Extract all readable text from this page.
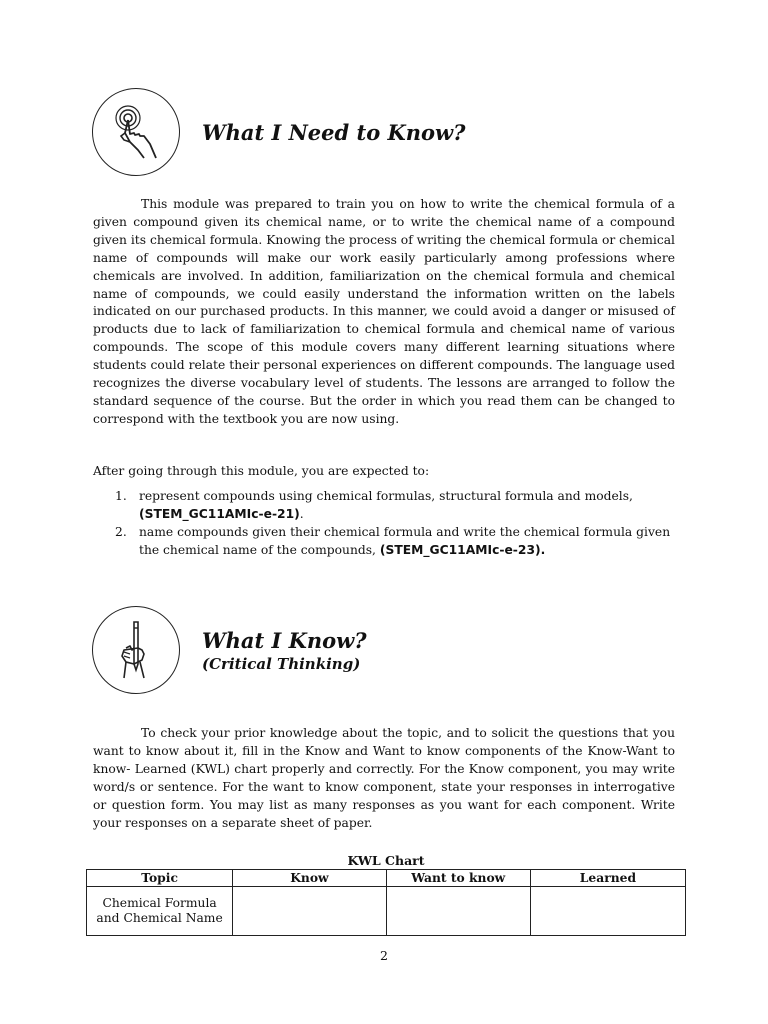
What I Need to Know?

This module was prepared to train you on how to write the chemical formula of a given compound given its chemical name, or to write the chemical name of a compound given its chemical formula. Knowing the process of writing the chemical formula or chemical name of compounds will make our work easily particularly among professions where chemicals are involved. In addition, familiarization on the chemical formula and chemical name of compounds, we could easily understand the information written on the labels indicated on our purchased products. In this manner, we could avoid a danger or misused of products due to lack of familiarization to chemical formula and chemical name of various compounds. The scope of this module covers many different learning situations where students could relate their personal experiences on different compounds. The language used recognizes the diverse vocabulary level of students. The lessons are arranged to follow the standard sequence of the course. But the order in which you read them can be changed to correspond with the textbook you are now using.

After going through this module, you are expected to:

1. represent compounds using chemical formulas, structural formula and models, (STEM_GC11AMIc-e-21).
2. name compounds given their chemical formula and write the chemical formula given the chemical name of the compounds, (STEM_GC11AMIc-e-23).
What I Know?
(Critical Thinking)

To check your prior knowledge about the topic, and to solicit the questions that you want to know about it, fill in the Know and Want to know components of the Know-Want to know- Learned (KWL) chart properly and correctly. For the Know component, you may write word/s or sentence. For the want to know component, state your responses in interrogative or question form. You may list as many responses as you want for each component. Write your responses on a separate sheet of paper.

KWL Chart
Topic	Know	Want to know	Learned
Chemical Formula and Chemical Name			
2
